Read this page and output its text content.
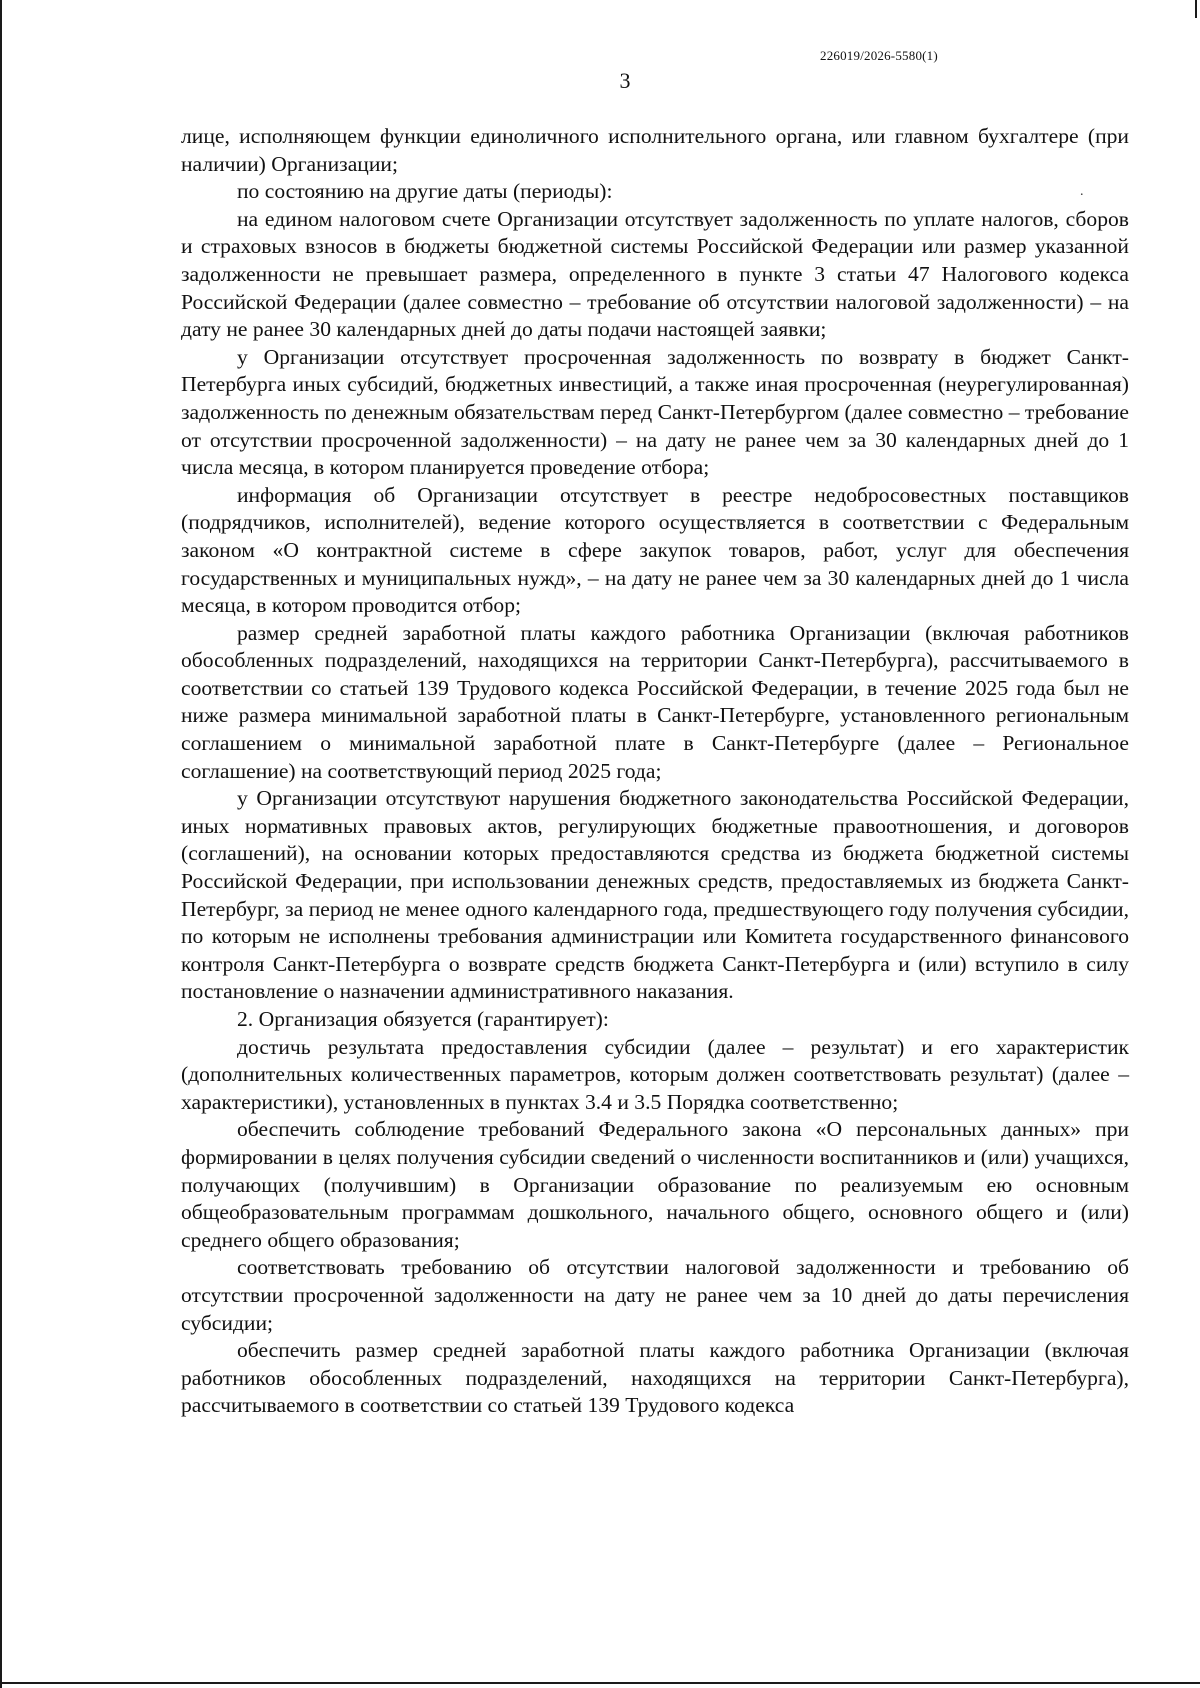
226019/2026-5580(1)
3
.

лице, исполняющем функции единоличного исполнительного органа, или главном бухгалтере (при наличии) Организации;

по состоянию на другие даты (периоды):

на едином налоговом счете Организации отсутствует задолженность по уплате налогов, сборов и страховых взносов в бюджеты бюджетной системы Российской Федерации или размер указанной задолженности не превышает размера, определенного в пункте 3 статьи 47 Налогового кодекса Российской Федерации (далее совместно – требование об отсутствии налоговой задолженности) – на дату не ранее 30 календарных дней до даты подачи настоящей заявки;

у Организации отсутствует просроченная задолженность по возврату в бюджет Санкт-Петербурга иных субсидий, бюджетных инвестиций, а также иная просроченная (неурегулированная) задолженность по денежным обязательствам перед Санкт-Петербургом (далее совместно – требование от отсутствии просроченной задолженности) – на дату не ранее чем за 30 календарных дней до 1 числа месяца, в котором планируется проведение отбора;

информация об Организации отсутствует в реестре недобросовестных поставщиков (подрядчиков, исполнителей), ведение которого осуществляется в соответствии с Федеральным законом «О контрактной системе в сфере закупок товаров, работ, услуг для обеспечения государственных и муниципальных нужд», – на дату не ранее чем за 30 календарных дней до 1 числа месяца, в котором проводится отбор;

размер средней заработной платы каждого работника Организации (включая работников обособленных подразделений, находящихся на территории Санкт-Петербурга), рассчитываемого в соответствии со статьей 139 Трудового кодекса Российской Федерации, в течение 2025 года был не ниже размера минимальной заработной платы в Санкт-Петербурге, установленного региональным соглашением о минимальной заработной плате в Санкт-Петербурге (далее – Региональное соглашение) на соответствующий период 2025 года;

у Организации отсутствуют нарушения бюджетного законодательства Российской Федерации, иных нормативных правовых актов, регулирующих бюджетные правоотношения, и договоров (соглашений), на основании которых предоставляются средства из бюджета бюджетной системы Российской Федерации, при использовании денежных средств, предоставляемых из бюджета Санкт-Петербург, за период не менее одного календарного года, предшествующего году получения субсидии, по которым не исполнены требования администрации или Комитета государственного финансового контроля Санкт-Петербурга о возврате средств бюджета Санкт-Петербурга и (или) вступило в силу постановление о назначении административного наказания.

2. Организация обязуется (гарантирует):

достичь результата предоставления субсидии (далее – результат) и его характеристик (дополнительных количественных параметров, которым должен соответствовать результат) (далее – характеристики), установленных в пунктах 3.4 и 3.5 Порядка соответственно;

обеспечить соблюдение требований Федерального закона «О персональных данных» при формировании в целях получения субсидии сведений о численности воспитанников и (или) учащихся, получающих (получившим) в Организации образование по реализуемым ею основным общеобразовательным программам дошкольного, начального общего, основного общего и (или) среднего общего образования;

соответствовать требованию об отсутствии налоговой задолженности и требованию об отсутствии просроченной задолженности на дату не ранее чем за 10 дней до даты перечисления субсидии;

обеспечить размер средней заработной платы каждого работника Организации (включая работников обособленных подразделений, находящихся на территории Санкт-Петербурга), рассчитываемого в соответствии со статьей 139 Трудового кодекса
